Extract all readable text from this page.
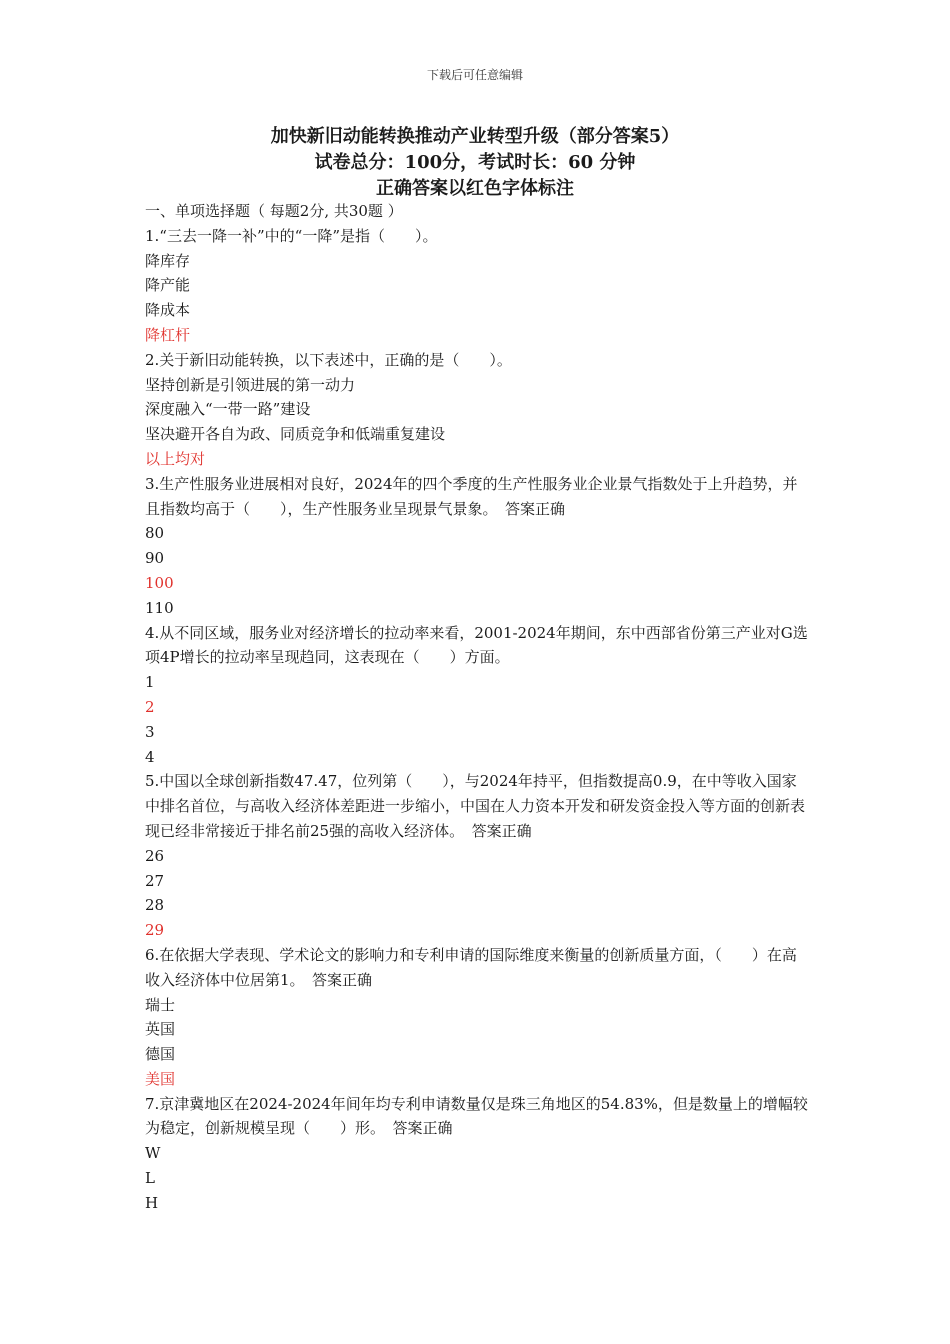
下载后可任意编辑
加快新旧动能转换推动产业转型升级（部分答案5）
试卷总分：100分，考试时长：60 分钟
正确答案以红色字体标注
一、单项选择题（ 每题2分, 共30题 ）
1.“三去一降一补”中的“一降”是指（　　）。
降库存
降产能
降成本
降杠杆
2.关于新旧动能转换，以下表述中，正确的是（　　）。
坚持创新是引领进展的第一动力
深度融入“一带一路”建设
坚决避开各自为政、同质竞争和低端重复建设
以上均对
3.生产性服务业进展相对良好，2024年的四个季度的生产性服务业企业景气指数处于上升趋势，并且指数均高于（　　），生产性服务业呈现景气景象。　答案正确
80
90
100
110
4.从不同区域，服务业对经济增长的拉动率来看，2001-2024年期间，东中西部省份第三产业对G选项4P增长的拉动率呈现趋同，这表现在（　　）方面。
1
2
3
4
5.中国以全球创新指数47.47，位列第（　　），与2024年持平，但指数提高0.9，在中等收入国家中排名首位，与高收入经济体差距进一步缩小，中国在人力资本开发和研发资金投入等方面的创新表现已经非常接近于排名前25强的高收入经济体。　答案正确
26
27
28
29
6.在依据大学表现、学术论文的影响力和专利申请的国际维度来衡量的创新质量方面，（　　）在高收入经济体中位居第1。　答案正确
瑞士
英国
德国
美国
7.京津冀地区在2024-2024年间年均专利申请数量仅是珠三角地区的54.83%，但是数量上的增幅较为稳定，创新规模呈现（　　）形。　答案正确
W
L
H
